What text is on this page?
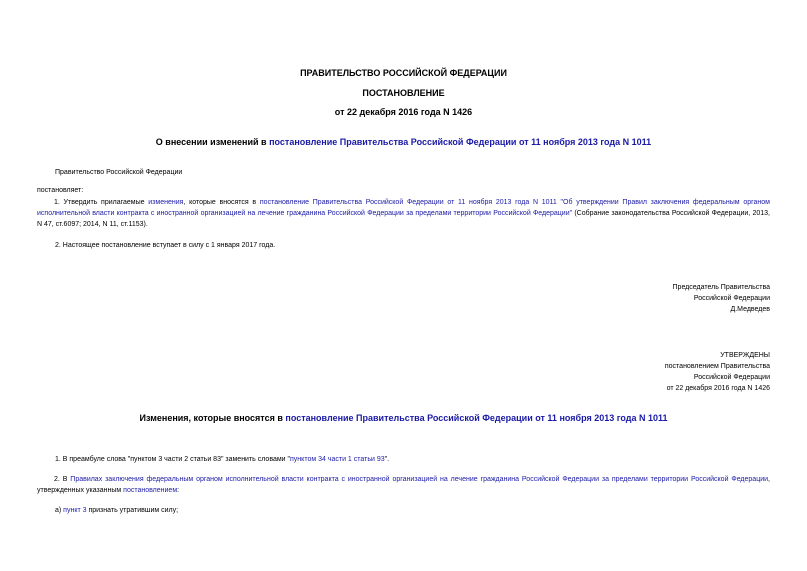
ПРАВИТЕЛЬСТВО РОССИЙСКОЙ ФЕДЕРАЦИИ
ПОСТАНОВЛЕНИЕ
от 22 декабря 2016 года N 1426
О внесении изменений в постановление Правительства Российской Федерации от 11 ноября 2013 года N 1011
Правительство Российской Федерации
постановляет:
1. Утвердить прилагаемые изменения, которые вносятся в постановление Правительства Российской Федерации от 11 ноября 2013 года N 1011 "Об утверждении Правил заключения федеральным органом исполнительной власти контракта с иностранной организацией на лечение гражданина Российской Федерации за пределами территории Российской Федерации" (Собрание законодательства Российской Федерации, 2013, N 47, ст.6097; 2014, N 11, ст.1153).
2. Настоящее постановление вступает в силу с 1 января 2017 года.
Председатель Правительства
Российской Федерации
Д.Медведев
УТВЕРЖДЕНЫ
постановлением Правительства
Российской Федерации
от 22 декабря 2016 года N 1426
Изменения, которые вносятся в постановление Правительства Российской Федерации от 11 ноября 2013 года N 1011
1. В преамбуле слова "пунктом 3 части 2 статьи 83" заменить словами "пунктом 34 части 1 статьи 93".
2. В Правилах заключения федеральным органом исполнительной власти контракта с иностранной организацией на лечение гражданина Российской Федерации за пределами территории Российской Федерации, утвержденных указанным постановлением:
а) пункт 3 признать утратившим силу;
